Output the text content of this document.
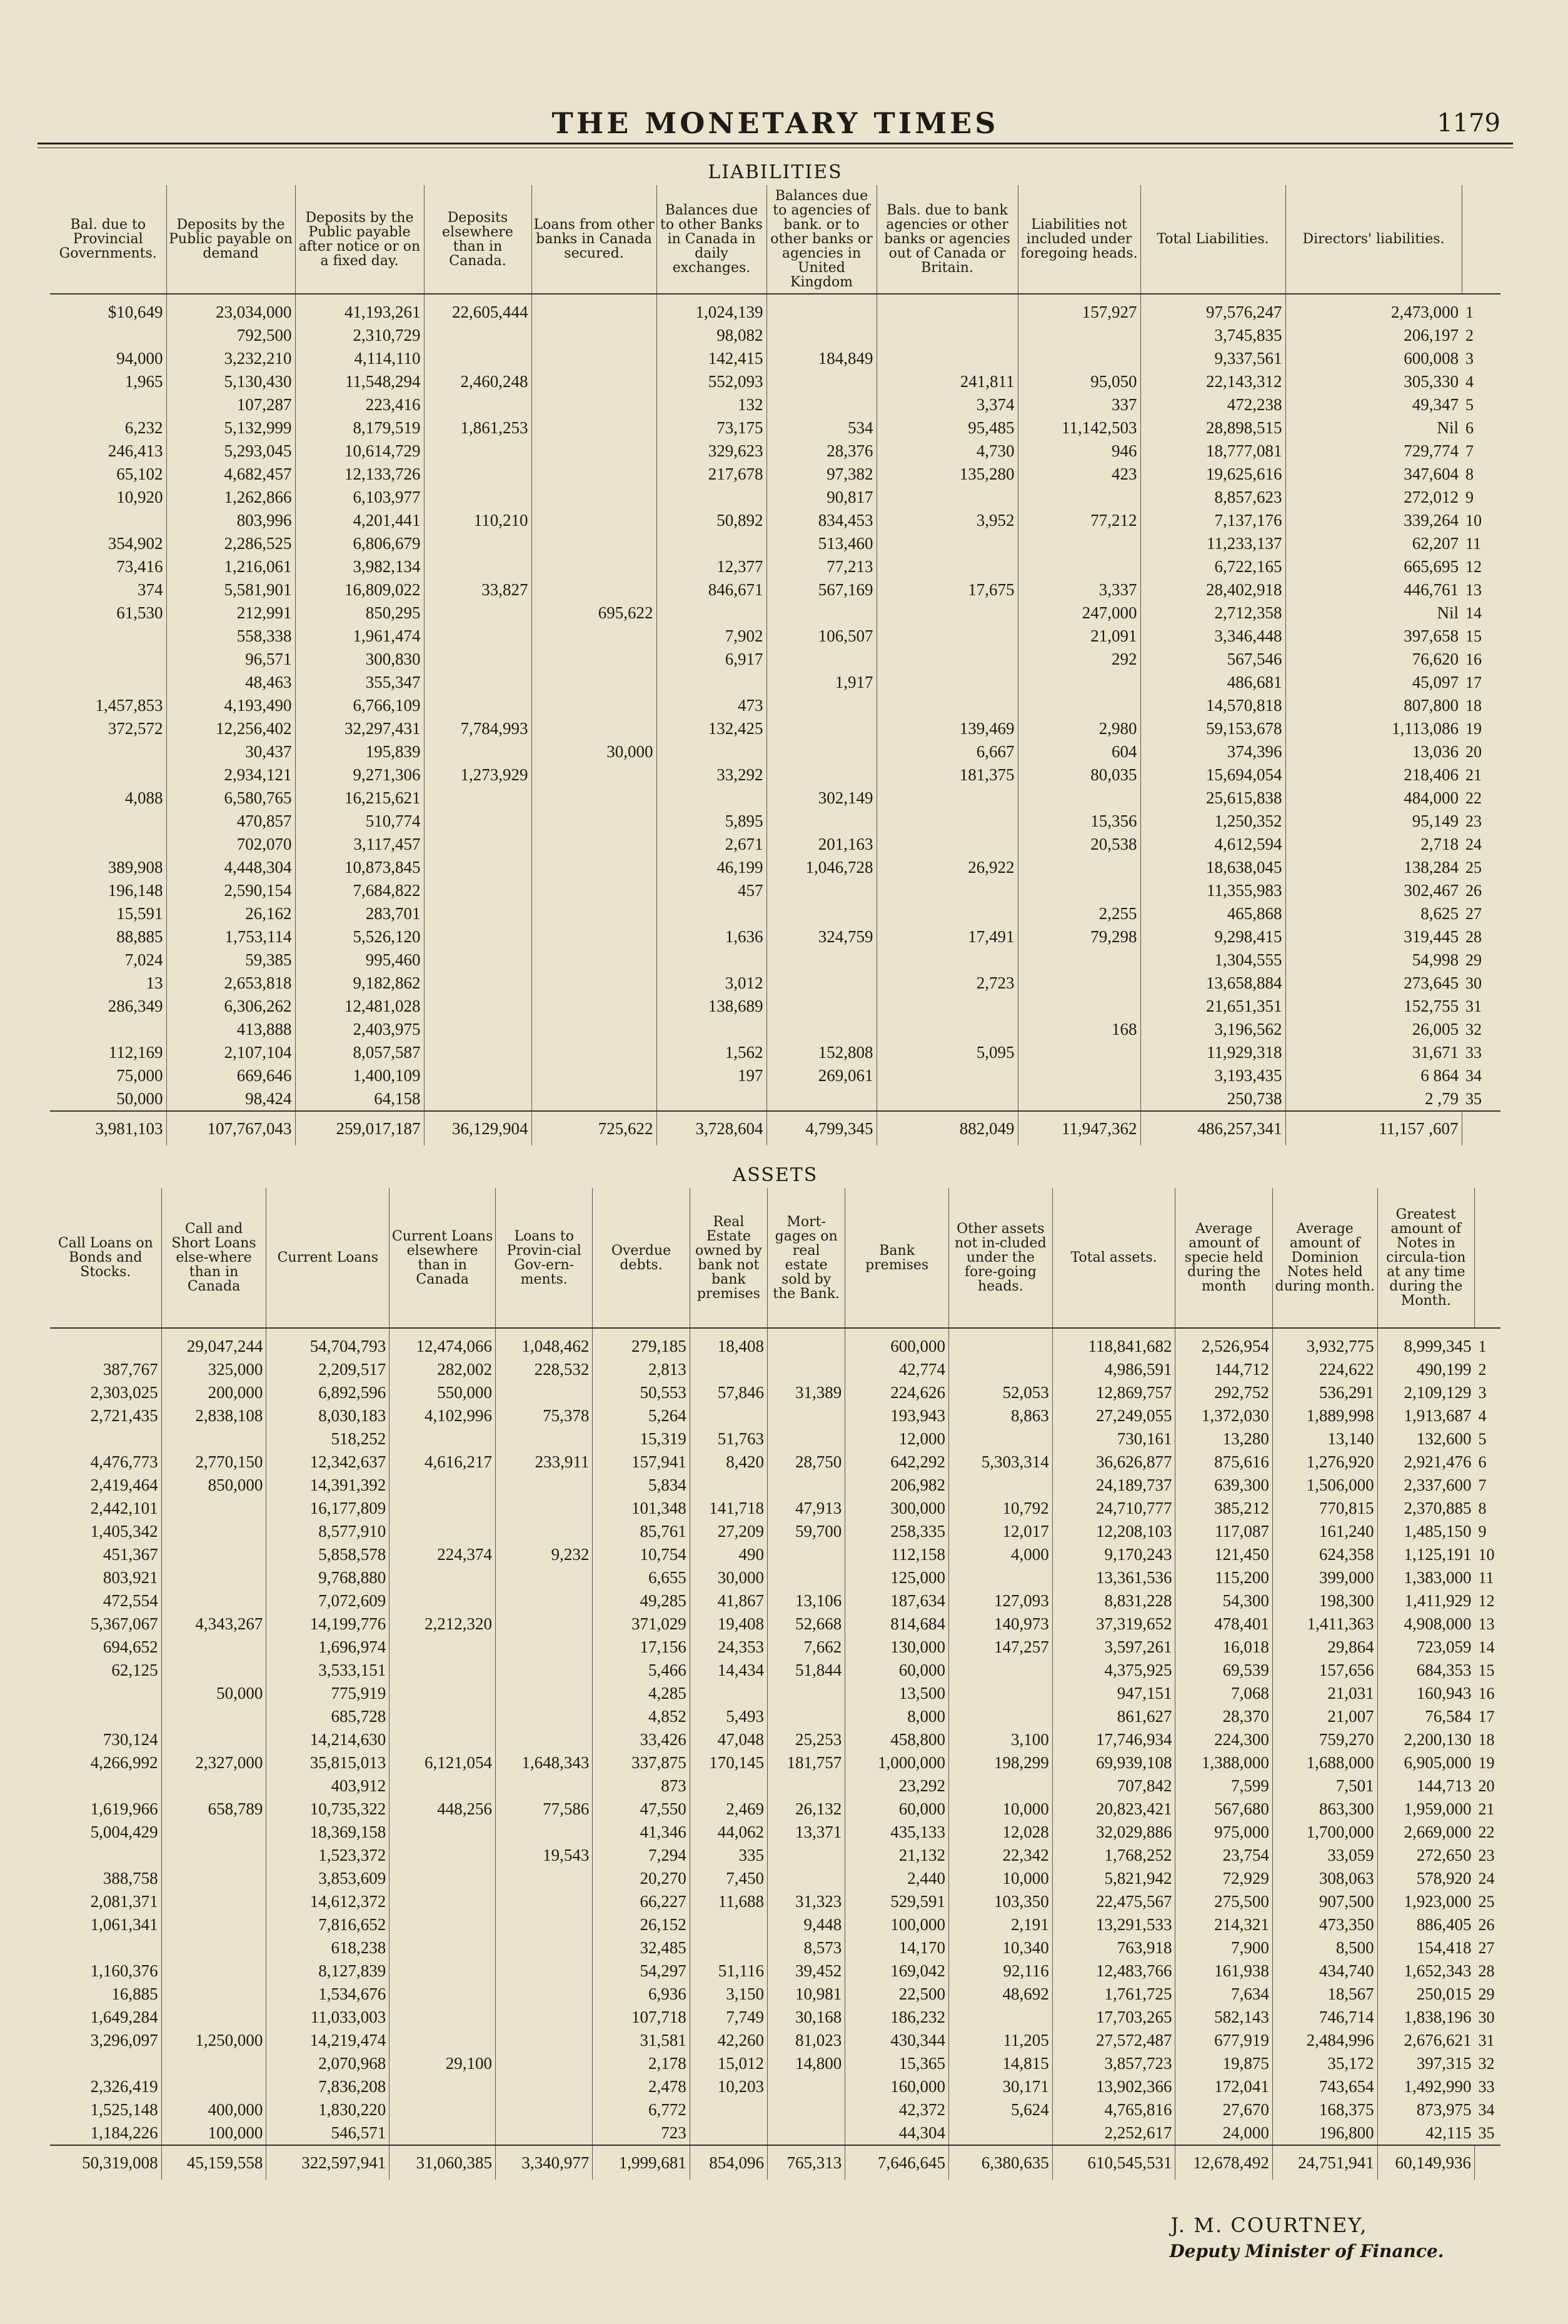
THE MONETARY TIMES	1179
LIABILITIES
Bal. due to Provincial Governments.	Deposits by the Public payable on demand	Deposits by the Public payable after notice or on a fixed day.	Deposits elsewhere than in Canada.	Loans from other banks in Canada secured.	Balances due to other Banks in Canada in daily exchanges.	Balances due to agencies of bank. or to other banks or agencies in United Kingdom	Bals. due to bank agencies or other banks or agencies out of Canada or Britain.	Liabilities not included under foregoing heads.	Total Liabilities.	Directors' liabilities.	
$10,649	23,034,000	41,193,261	22,605,444		1,024,139			157,927	97,576,247	2,473,000	1
	792,500	2,310,729			98,082				3,745,835	206,197	2
94,000	3,232,210	4,114,110			142,415	184,849			9,337,561	600,008	3
1,965	5,130,430	11,548,294	2,460,248		552,093		241,811	95,050	22,143,312	305,330	4
	107,287	223,416			132		3,374	337	472,238	49,347	5
6,232	5,132,999	8,179,519	1,861,253		73,175	534	95,485	11,142,503	28,898,515	Nil	6
246,413	5,293,045	10,614,729			329,623	28,376	4,730	946	18,777,081	729,774	7
65,102	4,682,457	12,133,726			217,678	97,382	135,280	423	19,625,616	347,604	8
10,920	1,262,866	6,103,977				90,817			8,857,623	272,012	9
	803,996	4,201,441	110,210		50,892	834,453	3,952	77,212	7,137,176	339,264	10
354,902	2,286,525	6,806,679				513,460			11,233,137	62,207	11
73,416	1,216,061	3,982,134			12,377	77,213			6,722,165	665,695	12
374	5,581,901	16,809,022	33,827		846,671	567,169	17,675	3,337	28,402,918	446,761	13
61,530	212,991	850,295		695,622				247,000	2,712,358	Nil	14
	558,338	1,961,474			7,902	106,507		21,091	3,346,448	397,658	15
	96,571	300,830			6,917			292	567,546	76,620	16
	48,463	355,347				1,917			486,681	45,097	17
1,457,853	4,193,490	6,766,109			473				14,570,818	807,800	18
372,572	12,256,402	32,297,431	7,784,993		132,425		139,469	2,980	59,153,678	1,113,086	19
	30,437	195,839		30,000			6,667	604	374,396	13,036	20
	2,934,121	9,271,306	1,273,929		33,292		181,375	80,035	15,694,054	218,406	21
4,088	6,580,765	16,215,621				302,149			25,615,838	484,000	22
	470,857	510,774			5,895			15,356	1,250,352	95,149	23
	702,070	3,117,457			2,671	201,163		20,538	4,612,594	2,718	24
389,908	4,448,304	10,873,845			46,199	1,046,728	26,922		18,638,045	138,284	25
196,148	2,590,154	7,684,822			457				11,355,983	302,467	26
15,591	26,162	283,701						2,255	465,868	8,625	27
88,885	1,753,114	5,526,120			1,636	324,759	17,491	79,298	9,298,415	319,445	28
7,024	59,385	995,460							1,304,555	54,998	29
13	2,653,818	9,182,862			3,012		2,723		13,658,884	273,645	30
286,349	6,306,262	12,481,028			138,689				21,651,351	152,755	31
	413,888	2,403,975						168	3,196,562	26,005	32
112,169	2,107,104	8,057,587			1,562	152,808	5,095		11,929,318	31,671	33
75,000	669,646	1,400,109			197	269,061			3,193,435	6 864	34
50,000	98,424	64,158							250,738	2 ,79	35
3,981,103	107,767,043	259,017,187	36,129,904	725,622	3,728,604	4,799,345	882,049	11,947,362	486,257,341	11,157 ,607	
ASSETS
Call Loans on Bonds and Stocks.	Call and Short Loans else-where than in Canada	Current Loans	Current Loans elsewhere than in Canada	Loans to Provin-cial Gov-ern-ments.	Overdue debts.	Real Estate owned by bank not bank premises	Mort-gages on real estate sold by the Bank.	Bank premises	Other assets not in-cluded under the fore-going heads.	Total assets.	Average amount of specie held during the month	Average amount of Dominion Notes held during month.	Greatest amount of Notes in circula-tion at any time during the Month.	
	29,047,244	54,704,793	12,474,066	1,048,462	279,185	18,408		600,000		118,841,682	2,526,954	3,932,775	8,999,345	1
387,767	325,000	2,209,517	282,002	228,532	2,813			42,774		4,986,591	144,712	224,622	490,199	2
2,303,025	200,000	6,892,596	550,000		50,553	57,846	31,389	224,626	52,053	12,869,757	292,752	536,291	2,109,129	3
2,721,435	2,838,108	8,030,183	4,102,996	75,378	5,264			193,943	8,863	27,249,055	1,372,030	1,889,998	1,913,687	4
		518,252			15,319	51,763		12,000		730,161	13,280	13,140	132,600	5
4,476,773	2,770,150	12,342,637	4,616,217	233,911	157,941	8,420	28,750	642,292	5,303,314	36,626,877	875,616	1,276,920	2,921,476	6
2,419,464	850,000	14,391,392			5,834			206,982		24,189,737	639,300	1,506,000	2,337,600	7
2,442,101		16,177,809			101,348	141,718	47,913	300,000	10,792	24,710,777	385,212	770,815	2,370,885	8
1,405,342		8,577,910			85,761	27,209	59,700	258,335	12,017	12,208,103	117,087	161,240	1,485,150	9
451,367		5,858,578	224,374	9,232	10,754	490		112,158	4,000	9,170,243	121,450	624,358	1,125,191	10
803,921		9,768,880			6,655	30,000		125,000		13,361,536	115,200	399,000	1,383,000	11
472,554		7,072,609			49,285	41,867	13,106	187,634	127,093	8,831,228	54,300	198,300	1,411,929	12
5,367,067	4,343,267	14,199,776	2,212,320		371,029	19,408	52,668	814,684	140,973	37,319,652	478,401	1,411,363	4,908,000	13
694,652		1,696,974			17,156	24,353	7,662	130,000	147,257	3,597,261	16,018	29,864	723,059	14
62,125		3,533,151			5,466	14,434	51,844	60,000		4,375,925	69,539	157,656	684,353	15
	50,000	775,919			4,285			13,500		947,151	7,068	21,031	160,943	16
		685,728			4,852	5,493		8,000		861,627	28,370	21,007	76,584	17
730,124		14,214,630			33,426	47,048	25,253	458,800	3,100	17,746,934	224,300	759,270	2,200,130	18
4,266,992	2,327,000	35,815,013	6,121,054	1,648,343	337,875	170,145	181,757	1,000,000	198,299	69,939,108	1,388,000	1,688,000	6,905,000	19
		403,912			873			23,292		707,842	7,599	7,501	144,713	20
1,619,966	658,789	10,735,322	448,256	77,586	47,550	2,469	26,132	60,000	10,000	20,823,421	567,680	863,300	1,959,000	21
5,004,429		18,369,158			41,346	44,062	13,371	435,133	12,028	32,029,886	975,000	1,700,000	2,669,000	22
		1,523,372		19,543	7,294	335		21,132	22,342	1,768,252	23,754	33,059	272,650	23
388,758		3,853,609			20,270	7,450		2,440	10,000	5,821,942	72,929	308,063	578,920	24
2,081,371		14,612,372			66,227	11,688	31,323	529,591	103,350	22,475,567	275,500	907,500	1,923,000	25
1,061,341		7,816,652			26,152		9,448	100,000	2,191	13,291,533	214,321	473,350	886,405	26
		618,238			32,485		8,573	14,170	10,340	763,918	7,900	8,500	154,418	27
1,160,376		8,127,839			54,297	51,116	39,452	169,042	92,116	12,483,766	161,938	434,740	1,652,343	28
16,885		1,534,676			6,936	3,150	10,981	22,500	48,692	1,761,725	7,634	18,567	250,015	29
1,649,284		11,033,003			107,718	7,749	30,168	186,232		17,703,265	582,143	746,714	1,838,196	30
3,296,097	1,250,000	14,219,474			31,581	42,260	81,023	430,344	11,205	27,572,487	677,919	2,484,996	2,676,621	31
		2,070,968	29,100		2,178	15,012	14,800	15,365	14,815	3,857,723	19,875	35,172	397,315	32
2,326,419		7,836,208			2,478	10,203		160,000	30,171	13,902,366	172,041	743,654	1,492,990	33
1,525,148	400,000	1,830,220			6,772			42,372	5,624	4,765,816	27,670	168,375	873,975	34
1,184,226	100,000	546,571			723			44,304		2,252,617	24,000	196,800	42,115	35
50,319,008	45,159,558	322,597,941	31,060,385	3,340,977	1,999,681	854,096	765,313	7,646,645	6,380,635	610,545,531	12,678,492	24,751,941	60,149,936	
J. M. COURTNEY,
Deputy Minister of Finance.
